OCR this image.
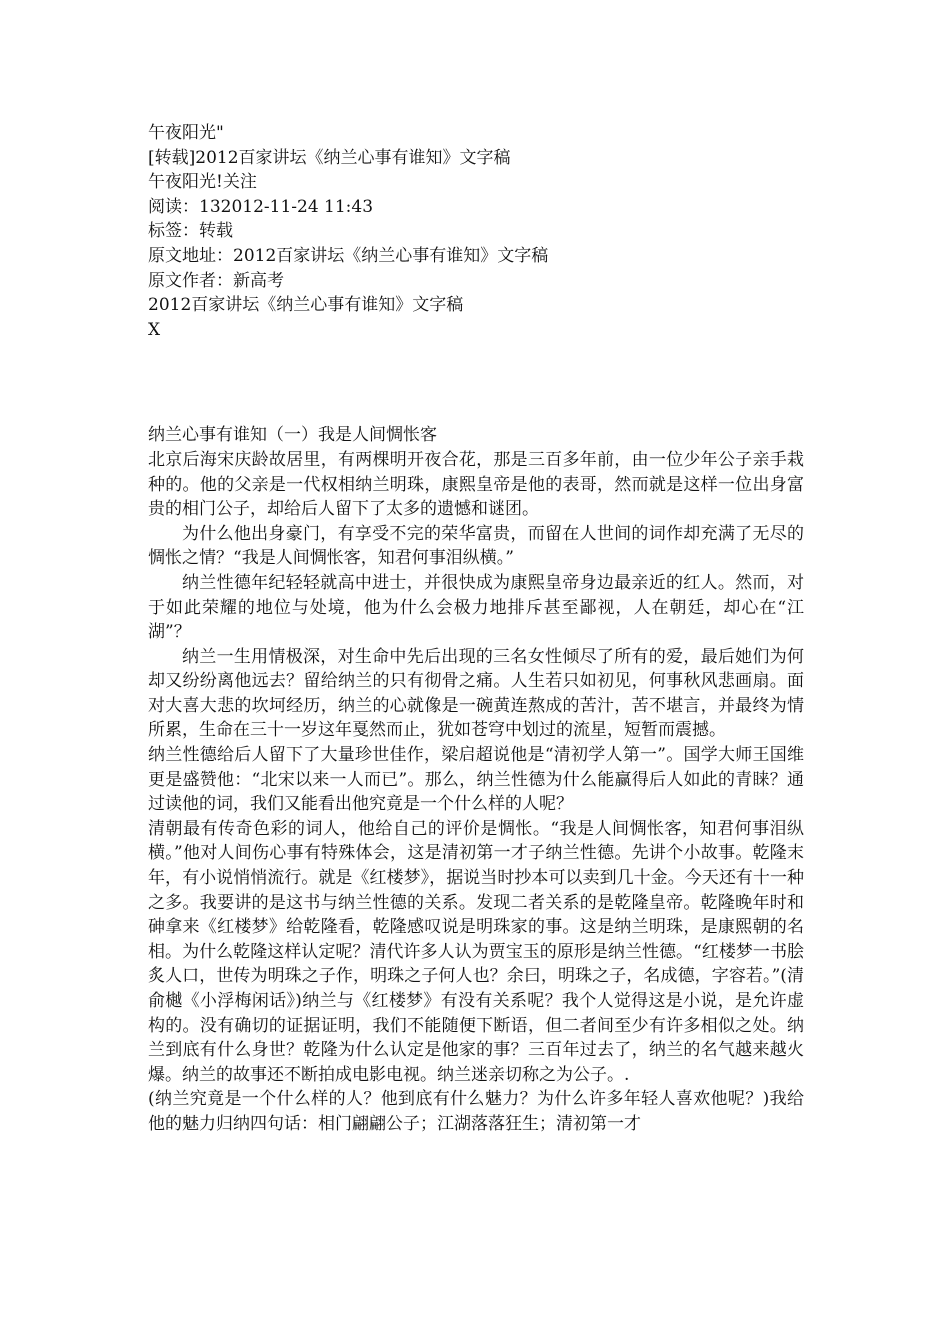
午夜阳光"
[转载]2012百家讲坛《纳兰心事有谁知》文字稿
午夜阳光!关注
阅读：132012-11-24 11:43
标签：转载
原文地址：2012百家讲坛《纳兰心事有谁知》文字稿
原文作者：新高考
2012百家讲坛《纳兰心事有谁知》文字稿
X
纳兰心事有谁知（一）我是人间惆怅客

北京后海宋庆龄故居里，有两棵明开夜合花，那是三百多年前，由一位少年公子亲手栽种的。他的父亲是一代权相纳兰明珠，康熙皇帝是他的表哥，然而就是这样一位出身富贵的相门公子，却给后人留下了太多的遗憾和谜团。

为什么他出身豪门，有享受不完的荣华富贵，而留在人世间的词作却充满了无尽的惆怅之情？“我是人间惆怅客，知君何事泪纵横。”

纳兰性德年纪轻轻就高中进士，并很快成为康熙皇帝身边最亲近的红人。然而，对于如此荣耀的地位与处境，他为什么会极力地排斥甚至鄙视，人在朝廷，却心在“江湖”？

纳兰一生用情极深，对生命中先后出现的三名女性倾尽了所有的爱，最后她们为何却又纷纷离他远去？留给纳兰的只有彻骨之痛。人生若只如初见，何事秋风悲画扇。面对大喜大悲的坎坷经历，纳兰的心就像是一碗黄连熬成的苦汁，苦不堪言，并最终为情所累，生命在三十一岁这年戛然而止，犹如苍穹中划过的流星，短暂而震撼。

纳兰性德给后人留下了大量珍世佳作，梁启超说他是“清初学人第一”。国学大师王国维更是盛赞他：“北宋以来一人而已”。那么，纳兰性德为什么能赢得后人如此的青睐？通过读他的词，我们又能看出他究竟是一个什么样的人呢？

清朝最有传奇色彩的词人，他给自己的评价是惆怅。“我是人间惆怅客，知君何事泪纵横。”他对人间伤心事有特殊体会，这是清初第一才子纳兰性德。先讲个小故事。乾隆末年，有小说悄悄流行。就是《红楼梦》，据说当时抄本可以卖到几十金。今天还有十一种之多。我要讲的是这书与纳兰性德的关系。发现二者关系的是乾隆皇帝。乾隆晚年时和砷拿来《红楼梦》给乾隆看，乾隆感叹说是明珠家的事。这是纳兰明珠，是康熙朝的名相。为什么乾隆这样认定呢？清代许多人认为贾宝玉的原形是纳兰性德。“红楼梦一书脍炙人口，世传为明珠之子作，明珠之子何人也？余曰，明珠之子，名成德，字容若。”(清俞樾《小浮梅闲话》)纳兰与《红楼梦》有没有关系呢？我个人觉得这是小说，是允许虚构的。没有确切的证据证明，我们不能随便下断语，但二者间至少有许多相似之处。纳兰到底有什么身世？乾隆为什么认定是他家的事？三百年过去了，纳兰的名气越来越火爆。纳兰的故事还不断拍成电影电视。纳兰迷亲切称之为公子。.

(纳兰究竟是一个什么样的人？他到底有什么魅力？为什么许多年轻人喜欢他呢？)我给他的魅力归纳四句话：相门翩翩公子；江湖落落狂生；清初第一才
